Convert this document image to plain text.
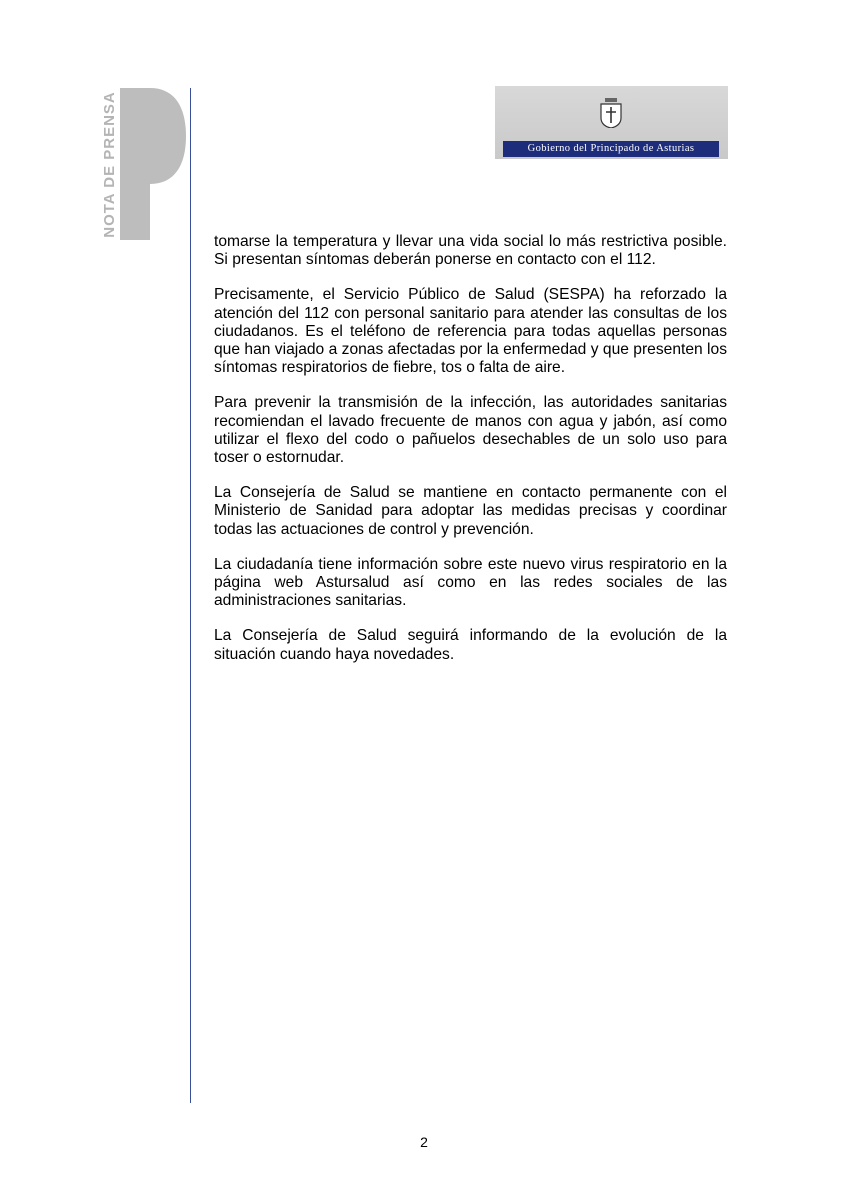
NOTA DE PRENSA	Gobierno del Principado de Asturias

tomarse la temperatura y llevar una vida social lo más restrictiva posible. Si presentan síntomas deberán ponerse en contacto con el 112.

Precisamente, el Servicio Público de Salud (SESPA) ha reforzado la atención del 112 con personal sanitario para atender las consultas de los ciudadanos. Es el teléfono de referencia para todas aquellas personas que han viajado a zonas afectadas por la enfermedad y que presenten los síntomas respiratorios de fiebre, tos o falta de aire.

Para prevenir la transmisión de la infección, las autoridades sanitarias recomiendan el lavado frecuente de manos con agua y jabón, así como utilizar el flexo del codo o pañuelos desechables de un solo uso para toser o estornudar.

La Consejería de Salud se mantiene en contacto permanente con el Ministerio de Sanidad para adoptar las medidas precisas y coordinar todas las actuaciones de control y prevención.

La ciudadanía tiene información sobre este nuevo virus respiratorio en la página web Astursalud así como en las redes sociales de las administraciones sanitarias.

La Consejería de Salud seguirá informando de la evolución de la situación cuando haya novedades.

2
